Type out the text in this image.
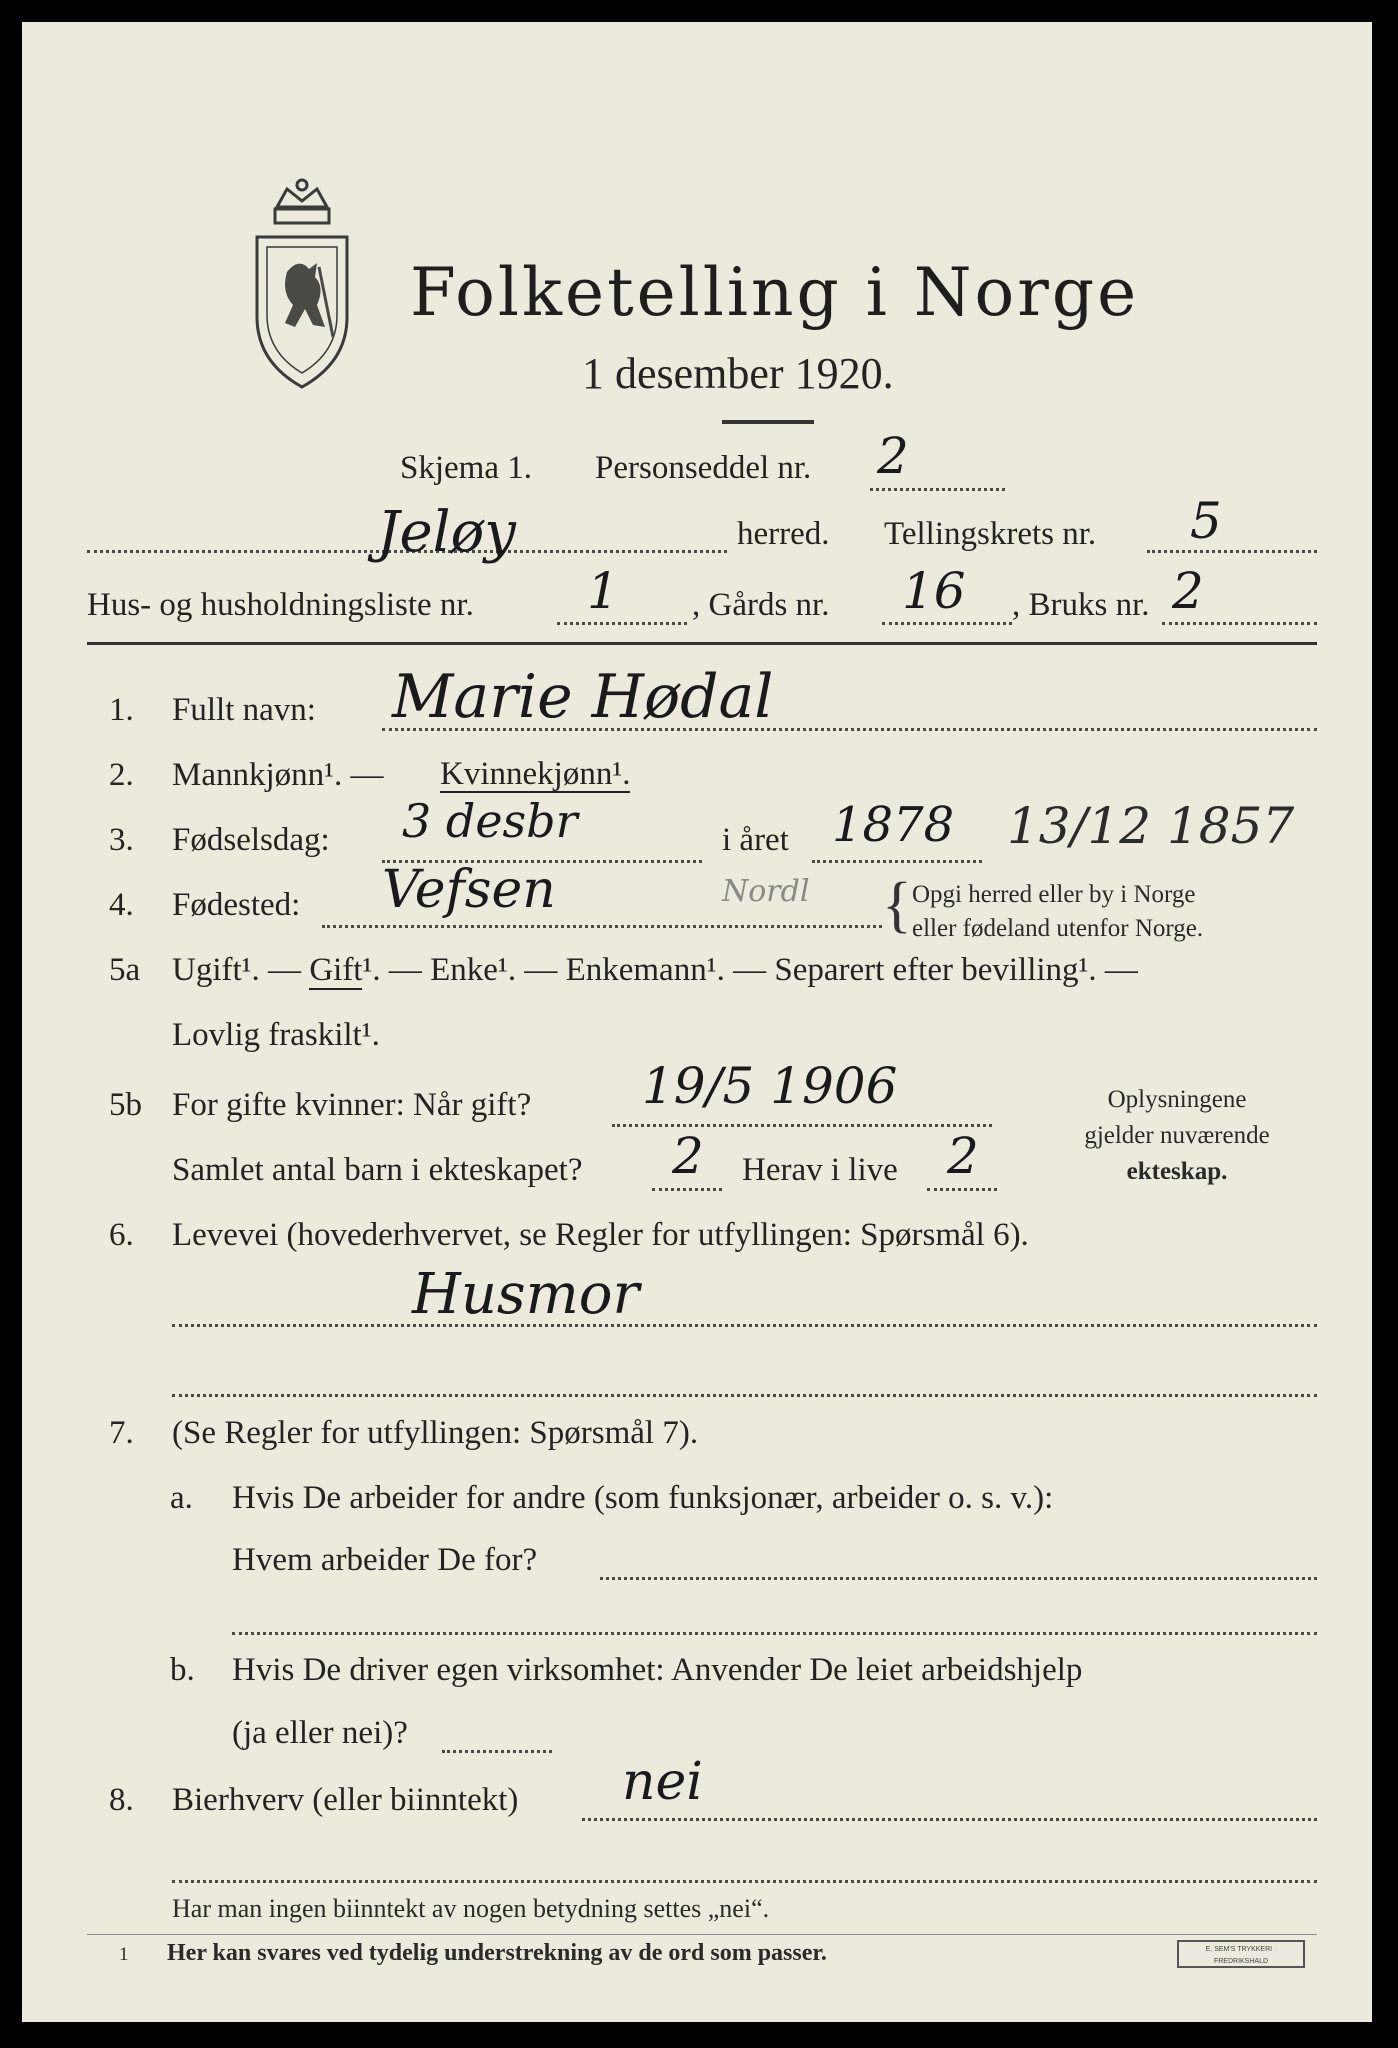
Folketelling i Norge
1 desember 1920.
Skjema 1. Personseddel nr. 2
Jeløy	herred. Tellingskrets nr. 5
Hus- og husholdningsliste nr. 1 , Gårds nr. 16 , Bruks nr. 2
1. Fullt navn: Marie Hødal
2. Mannkjønn¹. — Kvinnekjønn¹.
3. Fødselsdag: 3 desbr	i året 1878 13/12 1857
4. Fødested: Vefsen	Nordl { Opgi herred eller by i Norge
eller fødeland utenfor Norge.
5a Ugift¹. — Gift¹. — Enke¹. — Enkemann¹. — Separert efter bevilling¹. —
Lovlig fraskilt¹.
5b For gifte kvinner: Når gift? 19/5 1906
Samlet antal barn i ekteskapet? 2 Herav i live 2
Oplysningene
gjelder nuværende
ekteskap.
6. Levevei (hovederhvervet, se Regler for utfyllingen: Spørsmål 6).
Husmor
7. (Se Regler for utfyllingen: Spørsmål 7).
a. Hvis De arbeider for andre (som funksjonær, arbeider o. s. v.):
Hvem arbeider De for?
b. Hvis De driver egen virksomhet: Anvender De leiet arbeidshjelp
(ja eller nei)?
8. Bierhverv (eller biinntekt) nei
Har man ingen biinntekt av nogen betydning settes „nei“.
1 Her kan svares ved tydelig understrekning av de ord som passer.	E. SEM'S TRYKKERI · FREDRIKSHALD
